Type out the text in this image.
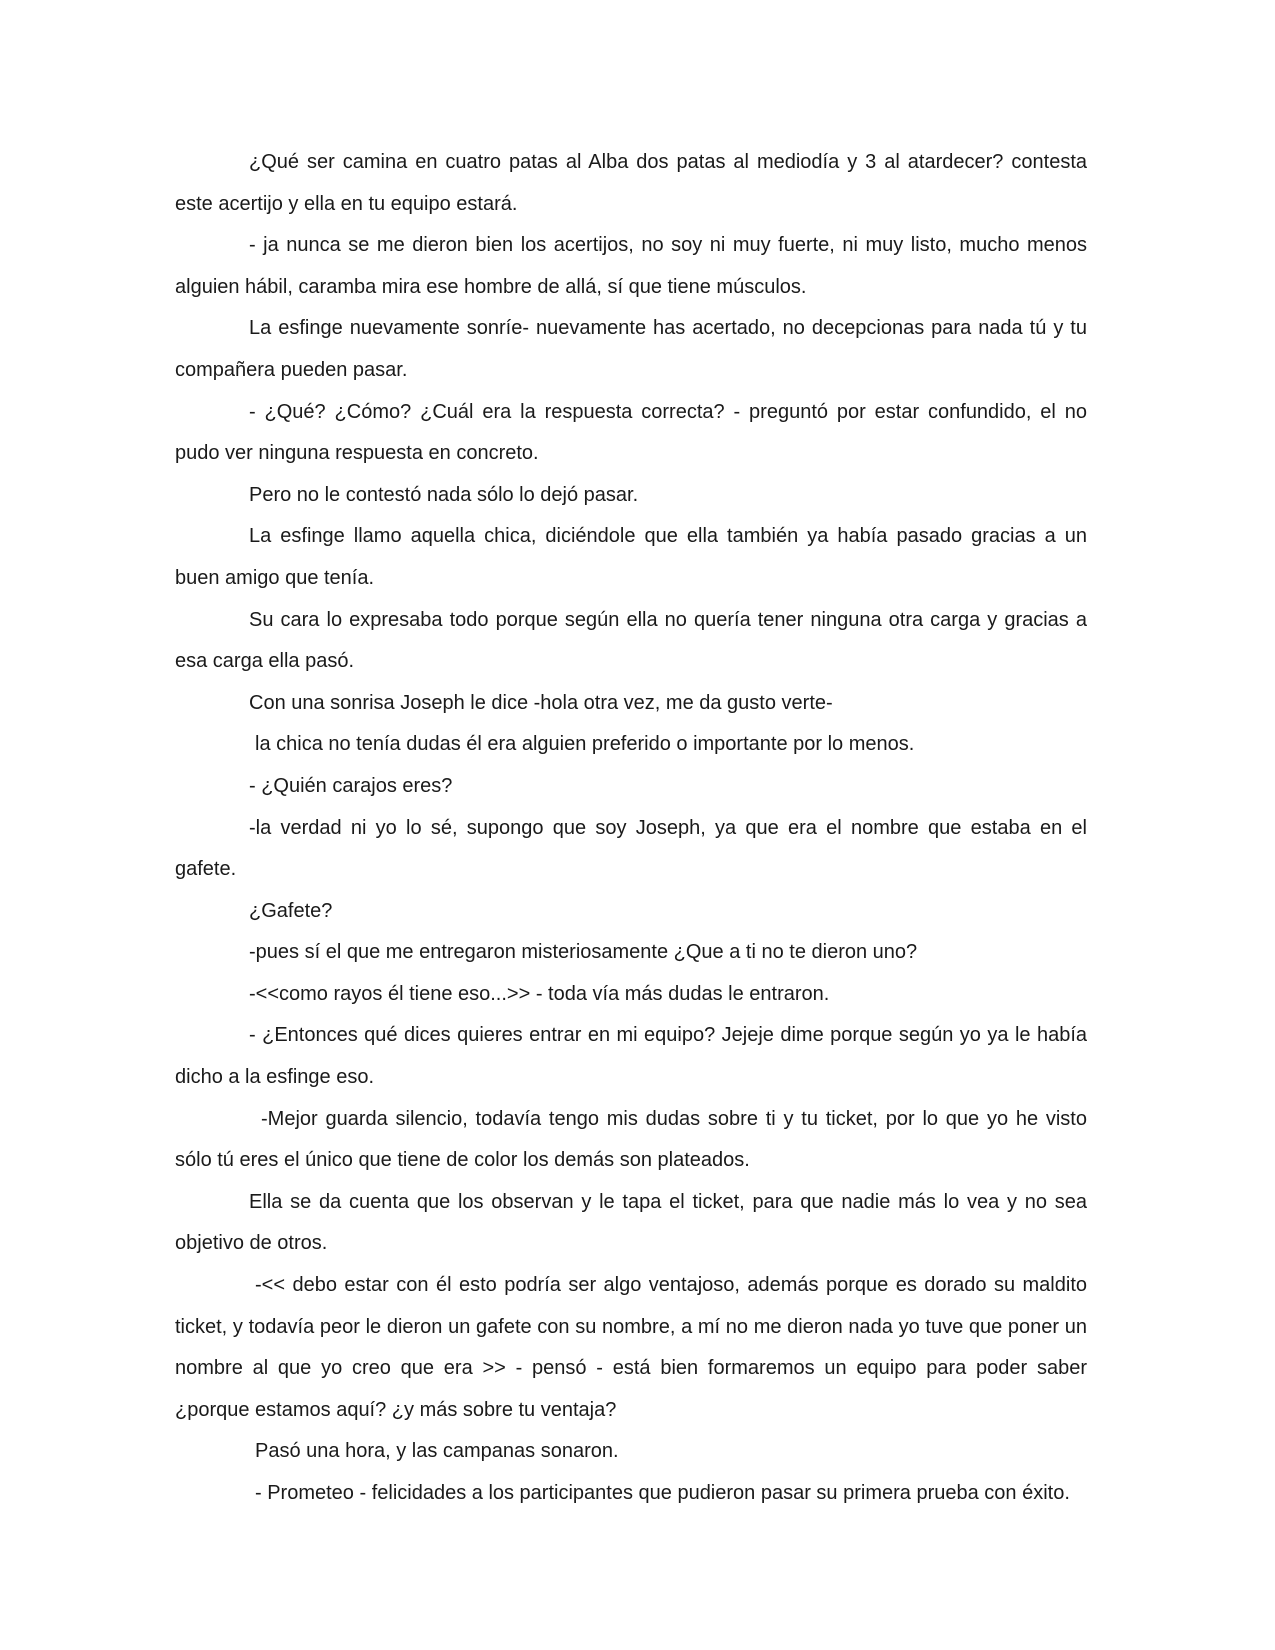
¿Qué ser camina en cuatro patas al Alba dos patas al mediodía y 3 al atardecer? contesta este acertijo y ella en tu equipo estará.

- ja nunca se me dieron bien los acertijos, no soy ni muy fuerte, ni muy listo, mucho menos alguien hábil, caramba mira ese hombre de allá, sí que tiene músculos.

La esfinge nuevamente sonríe- nuevamente has acertado, no decepcionas para nada tú y tu compañera pueden pasar.

- ¿Qué? ¿Cómo? ¿Cuál era la respuesta correcta? - preguntó por estar confundido, el no pudo ver ninguna respuesta en concreto.

Pero no le contestó nada sólo lo dejó pasar.

La esfinge llamo aquella chica, diciéndole que ella también ya había pasado gracias a un buen amigo que tenía.

Su cara lo expresaba todo porque según ella no quería tener ninguna otra carga y gracias a esa carga ella pasó.

Con una sonrisa Joseph le dice -hola otra vez, me da gusto verte-

la chica no tenía dudas él era alguien preferido o importante por lo menos.

- ¿Quién carajos eres?

-la verdad ni yo lo sé, supongo que soy Joseph, ya que era el nombre que estaba en el gafete.

¿Gafete?

-pues sí el que me entregaron misteriosamente ¿Que a ti no te dieron uno?

-<<como rayos él tiene eso...>> - toda vía más dudas le entraron.

- ¿Entonces qué dices quieres entrar en mi equipo? Jejeje dime porque según yo ya le había dicho a la esfinge eso.

-Mejor guarda silencio, todavía tengo mis dudas sobre ti y tu ticket, por lo que yo he visto sólo tú eres el único que tiene de color los demás son plateados.

Ella se da cuenta que los observan y le tapa el ticket, para que nadie más lo vea y no sea objetivo de otros.

-<< debo estar con él esto podría ser algo ventajoso, además porque es dorado su maldito ticket, y todavía peor le dieron un gafete con su nombre, a mí no me dieron nada yo tuve que poner un nombre al que yo creo que era >> - pensó - está bien formaremos un equipo para poder saber ¿porque estamos aquí? ¿y más sobre tu ventaja?

Pasó una hora, y las campanas sonaron.

- Prometeo - felicidades a los participantes que pudieron pasar su primera prueba con éxito.
